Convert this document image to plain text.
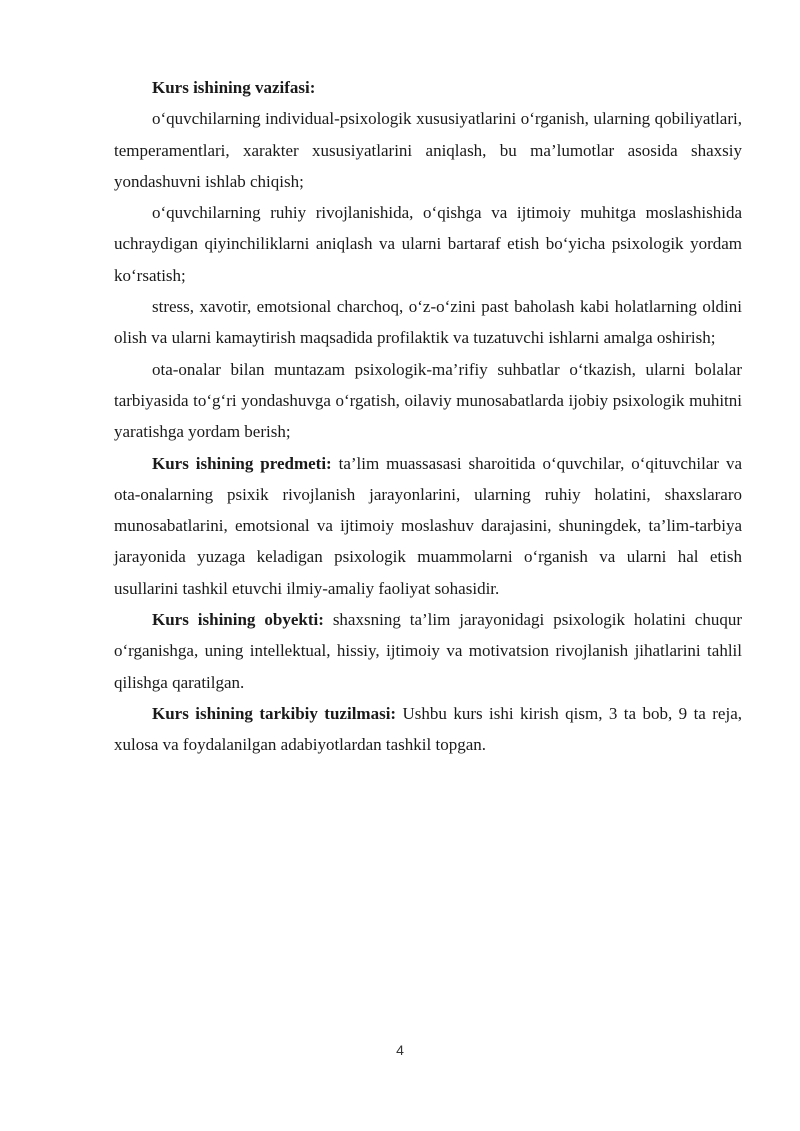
Kurs ishining vazifasi:

o‘quvchilarning individual-psixologik xususiyatlarini o‘rganish, ularning qobiliyatlari, temperamentlari, xarakter xususiyatlarini aniqlash, bu ma’lumotlar asosida shaxsiy yondashuvni ishlab chiqish;

o‘quvchilarning ruhiy rivojlanishida, o‘qishga va ijtimoiy muhitga moslashishida uchraydigan qiyinchiliklarni aniqlash va ularni bartaraf etish bo‘yicha psixologik yordam ko‘rsatish;

stress, xavotir, emotsional charchoq, o‘z-o‘zini past baholash kabi holatlarning oldini olish va ularni kamaytirish maqsadida profilaktik va tuzatuvchi ishlarni amalga oshirish;

ota-onalar bilan muntazam psixologik-ma’rifiy suhbatlar o‘tkazish, ularni bolalar tarbiyasida to‘g‘ri yondashuvga o‘rgatish, oilaviy munosabatlarda ijobiy psixologik muhitni yaratishga yordam berish;

Kurs ishining predmeti: ta’lim muassasasi sharoitida o‘quvchilar, o‘qituvchilar va ota-onalarning psixik rivojlanish jarayonlarini, ularning ruhiy holatini, shaxslararo munosabatlarini, emotsional va ijtimoiy moslashuv darajasini, shuningdek, ta’lim-tarbiya jarayonida yuzaga keladigan psixologik muammolarni o‘rganish va ularni hal etish usullarini tashkil etuvchi ilmiy-amaliy faoliyat sohasidir.

Kurs ishining obyekti: shaxsning ta’lim jarayonidagi psixologik holatini chuqur o‘rganishga, uning intellektual, hissiy, ijtimoiy va motivatsion rivojlanish jihatlarini tahlil qilishga qaratilgan.

Kurs ishining tarkibiy tuzilmasi: Ushbu kurs ishi kirish qism, 3 ta bob, 9 ta reja, xulosa va foydalanilgan adabiyotlardan tashkil topgan.

4
